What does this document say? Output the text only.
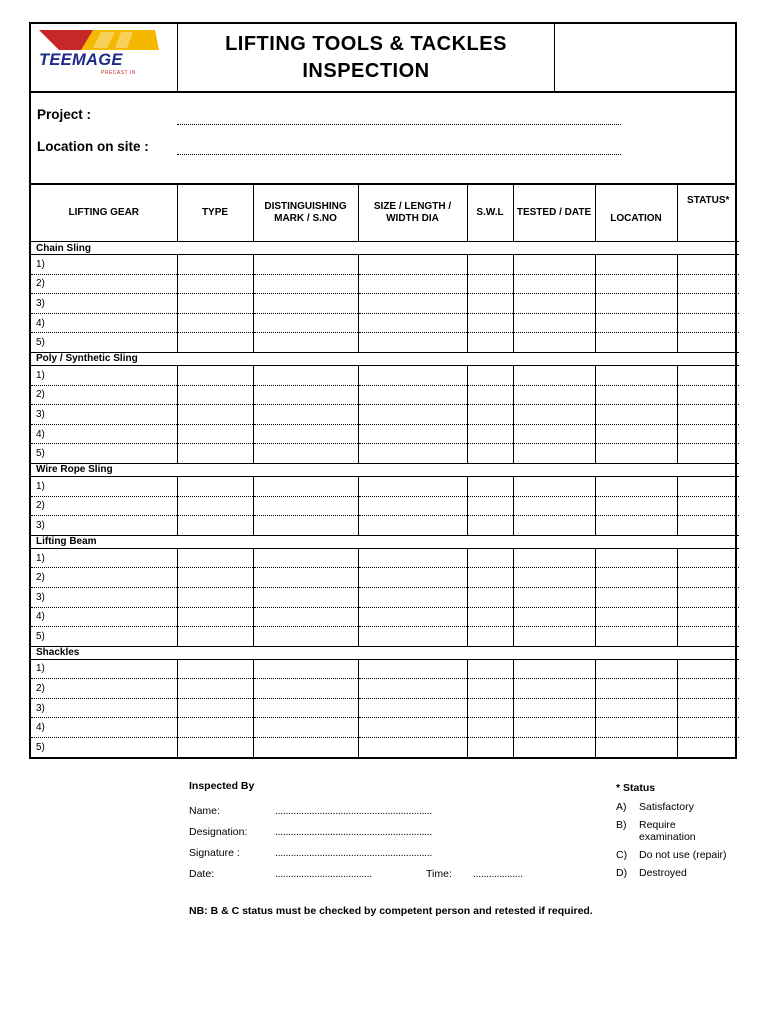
TEEMAGE
PRECAST IN
LIFTING TOOLS & TACKLES
INSPECTION
Project :
Location on site :
LIFTING GEAR	TYPE	DISTINGUISHING MARK / S.NO	SIZE / LENGTH / WIDTH DIA	S.W.L	TESTED / DATE	LOCATION	STATUS*
Chain Sling							
1)							
2)							
3)							
4)							
5)							
Poly / Synthetic Sling							
1)							
2)							
3)							
4)							
5)							
Wire Rope Sling							
1)							
2)							
3)							
Lifting Beam							
1)							
2)							
3)							
4)							
5)							
Shackles							
1)							
2)							
3)							
4)							
5)							
Inspected By
Name:	............................................................
Designation:	............................................................
Signature :	............................................................
Date:	.....................................	Time: ...................
* Status
A) Satisfactory
B) Require
examination
C) Do not use (repair)
D) Destroyed
NB: B & C status must be checked by competent person and retested if required.
